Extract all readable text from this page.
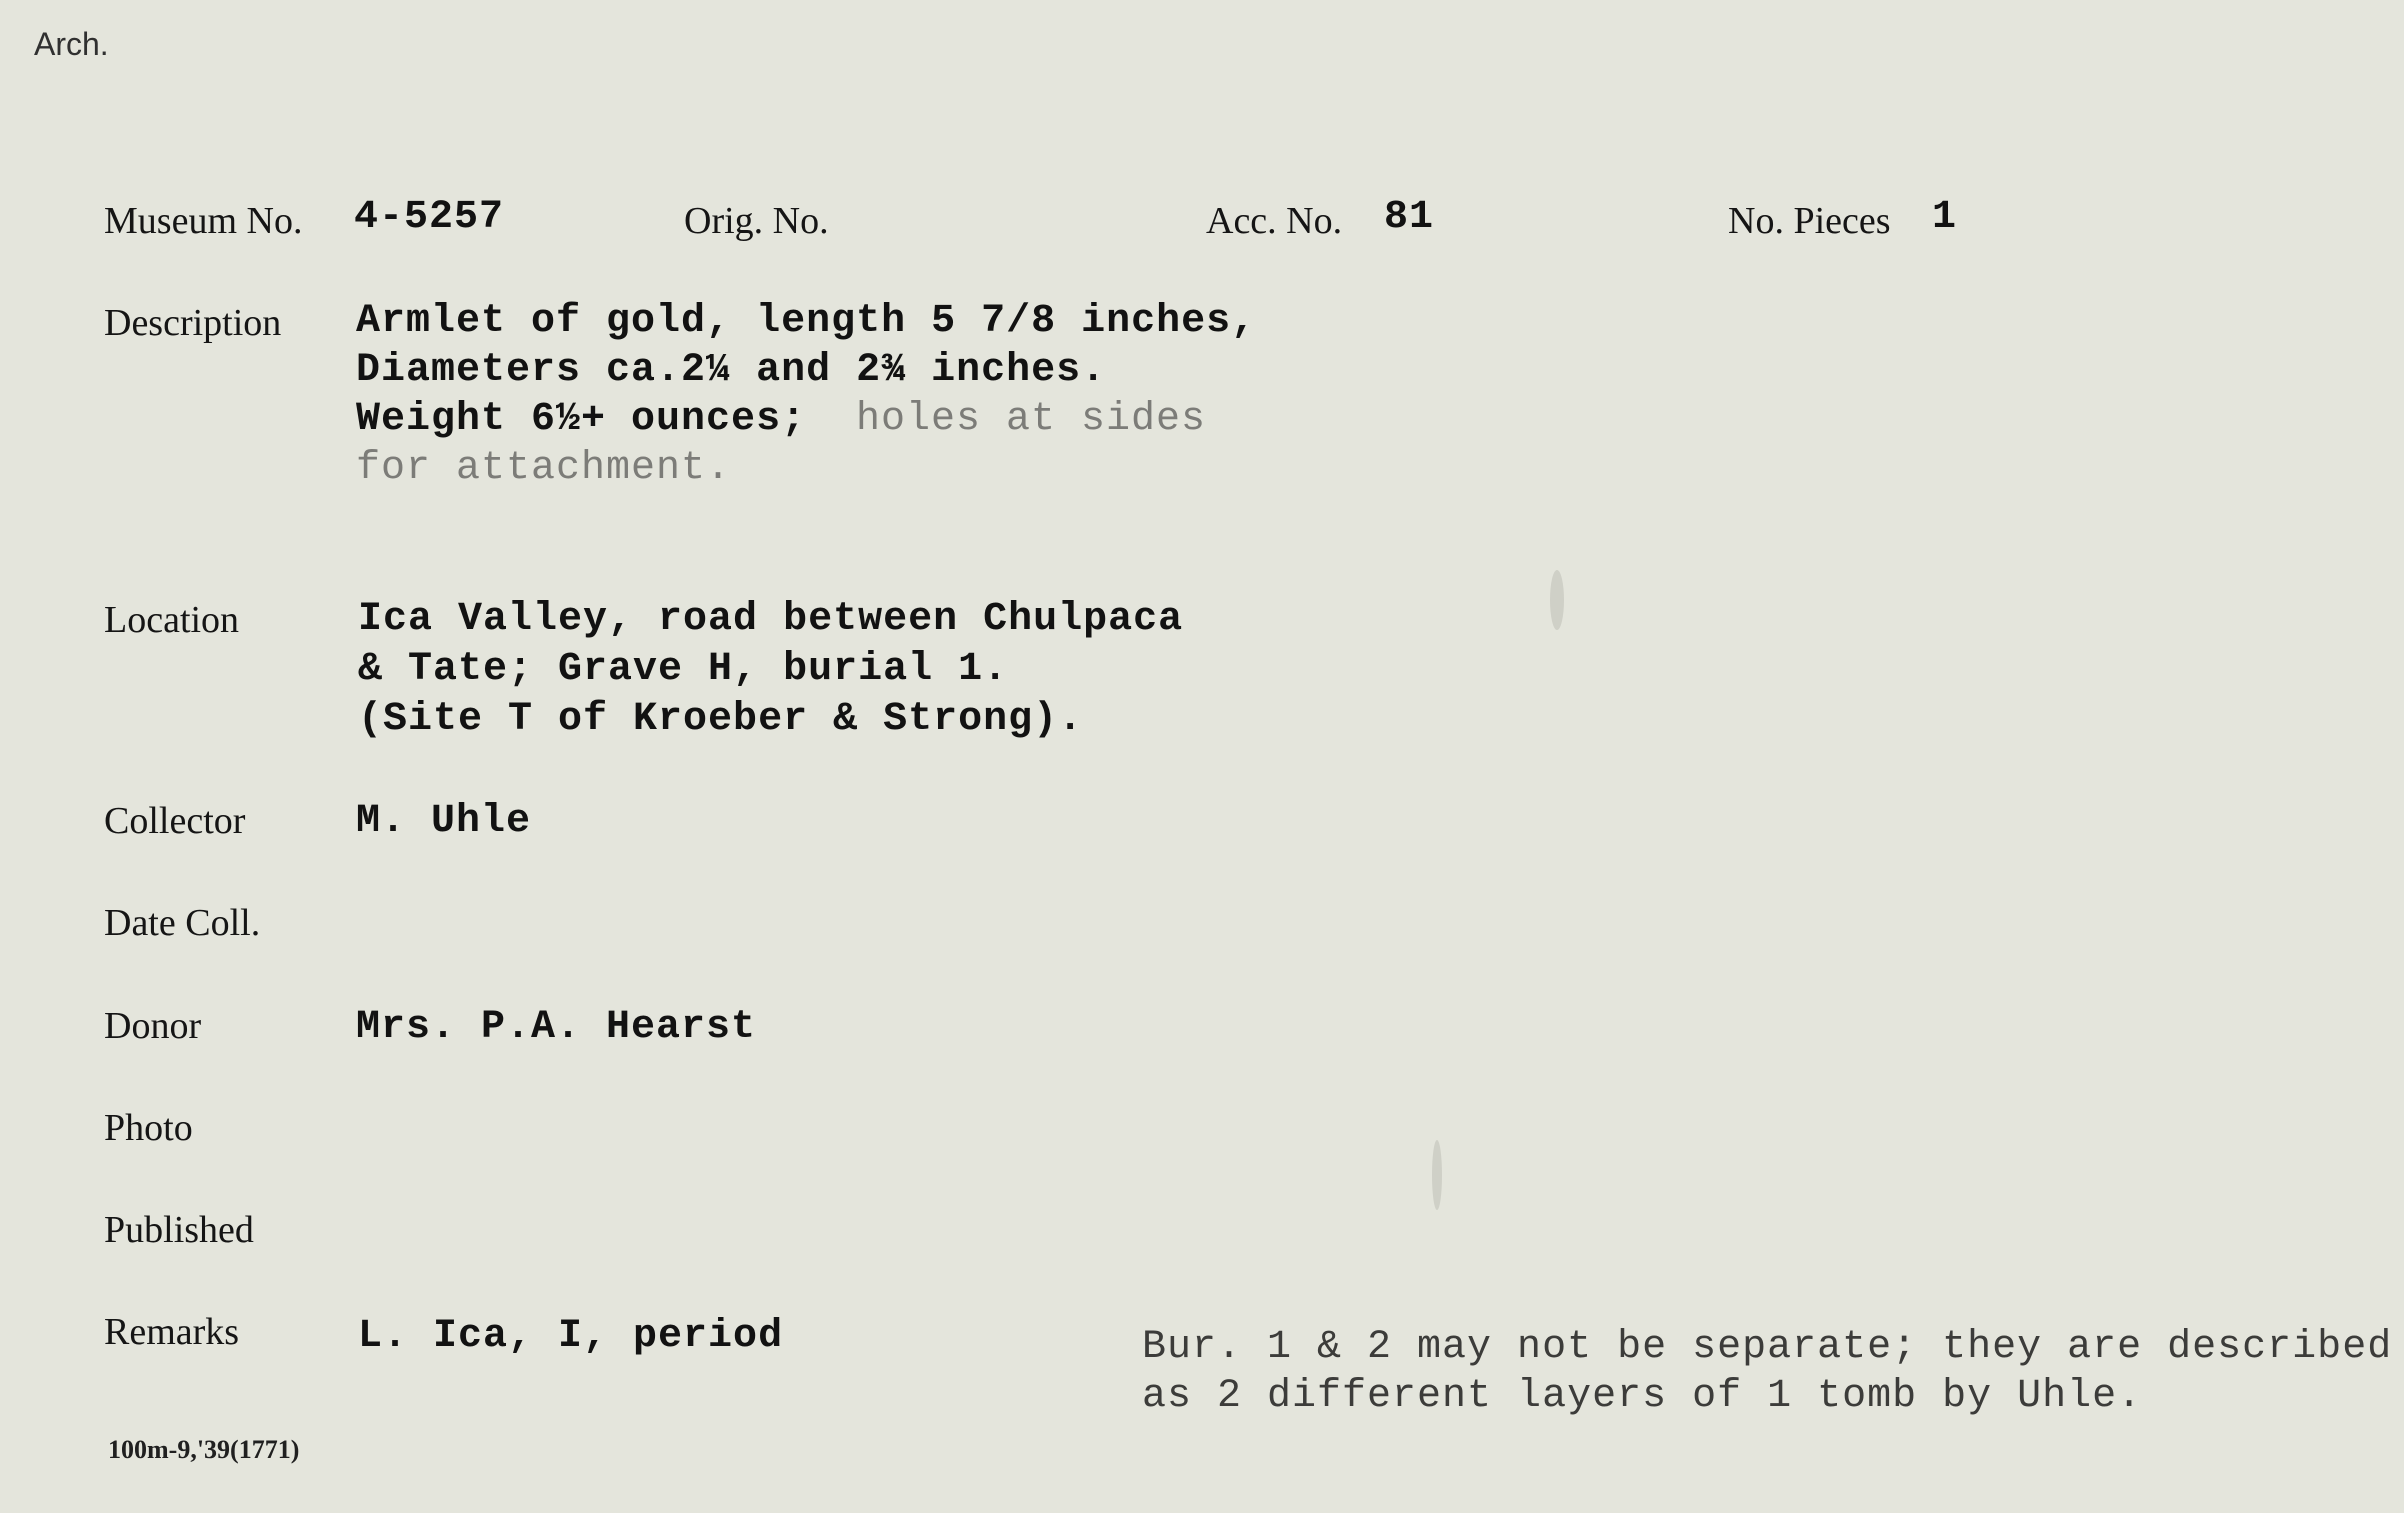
Arch.
Museum No. 4-5257	Orig. No.	Acc. No. 81	No. Pieces 1
Description Armlet of gold, length 5 7/8 inches,
Diameters ca.2¼ and 2¾ inches.
Weight 6½+ ounces; holes at sides
for attachment.
Location	Ica Valley, road between Chulpaca
& Tate; Grave H, burial 1.
(Site T of Kroeber & Strong).
Collector	M. Uhle
Date Coll.
Donor	Mrs. P.A. Hearst
Photo
Published
Remarks	L. Ica, I, period	Bur. 1 & 2 may not be separate; they are described
as 2 different layers of 1 tomb by Uhle.
100m-9,'39(1771)
